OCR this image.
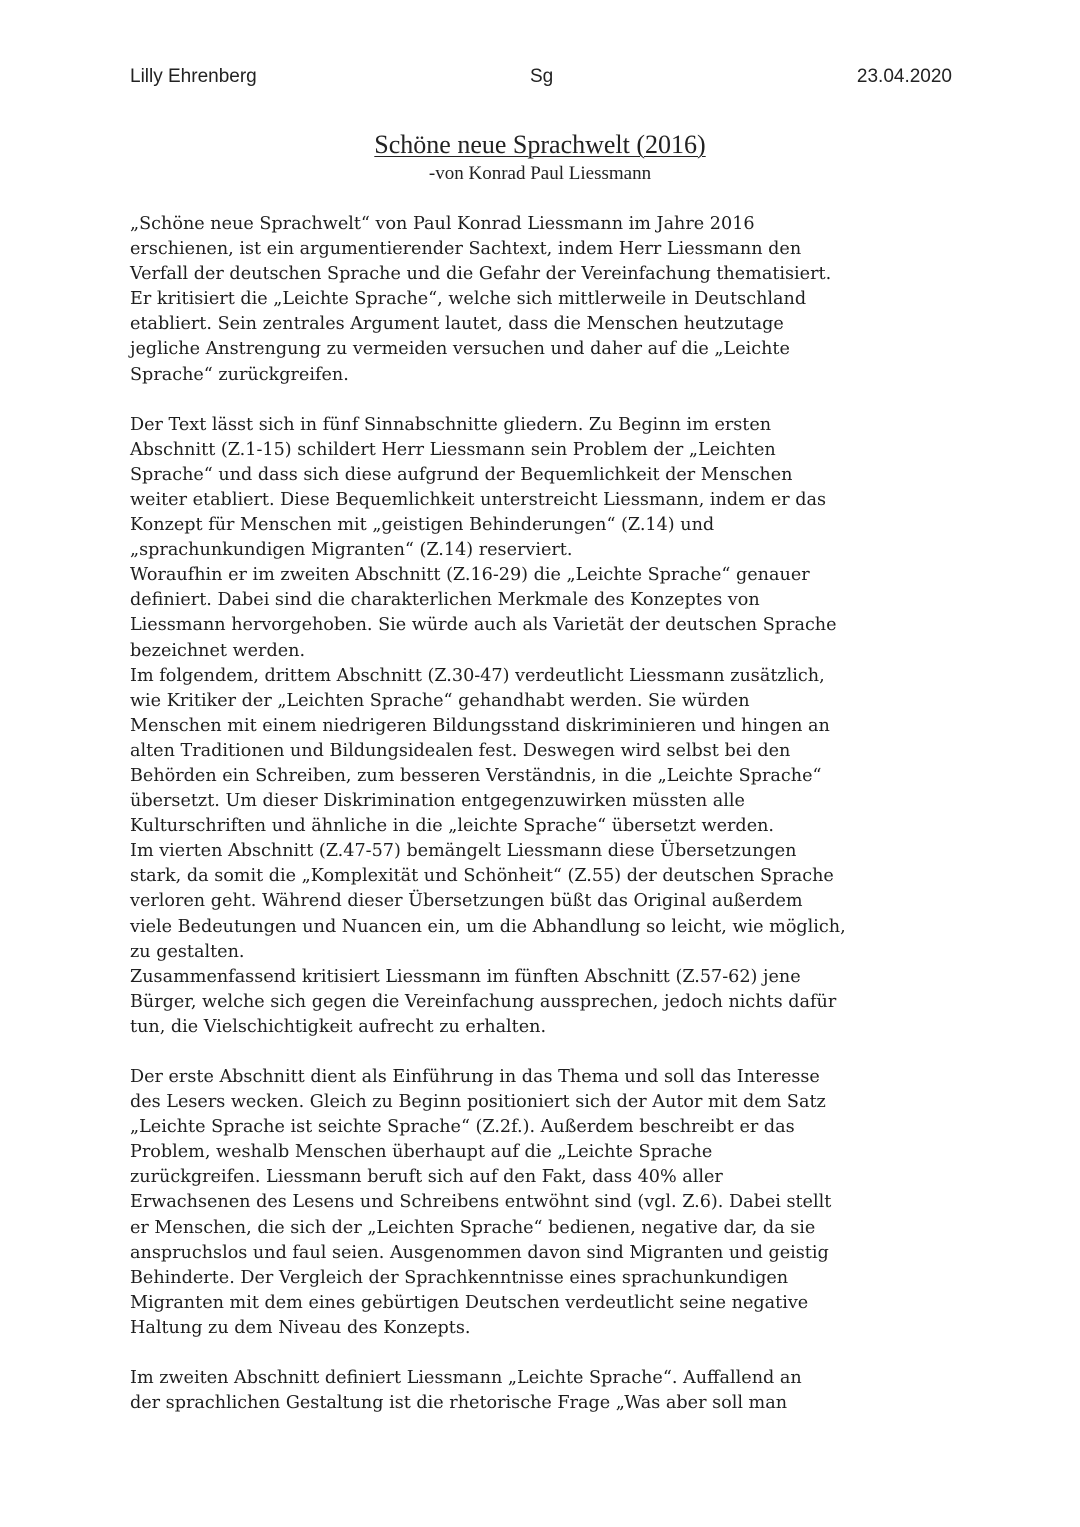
Lilly Ehrenberg	Sg	23.04.2020
Schöne neue Sprachwelt (2016)
-von Konrad Paul Liessmann
„Schöne neue Sprachwelt“ von Paul Konrad Liessmann im Jahre 2016
erschienen, ist ein argumentierender Sachtext, indem Herr Liessmann den
Verfall der deutschen Sprache und die Gefahr der Vereinfachung thematisiert.
Er kritisiert die „Leichte Sprache“, welche sich mittlerweile in Deutschland
etabliert. Sein zentrales Argument lautet, dass die Menschen heutzutage
jegliche Anstrengung zu vermeiden versuchen und daher auf die „Leichte
Sprache“ zurückgreifen.
Der Text lässt sich in fünf Sinnabschnitte gliedern. Zu Beginn im ersten
Abschnitt (Z.1-15) schildert Herr Liessmann sein Problem der „Leichten
Sprache“ und dass sich diese aufgrund der Bequemlichkeit der Menschen
weiter etabliert. Diese Bequemlichkeit unterstreicht Liessmann, indem er das
Konzept für Menschen mit „geistigen Behinderungen“ (Z.14) und
„sprachunkundigen Migranten“ (Z.14) reserviert.
Woraufhin er im zweiten Abschnitt (Z.16-29) die „Leichte Sprache“ genauer
definiert. Dabei sind die charakterlichen Merkmale des Konzeptes von
Liessmann hervorgehoben. Sie würde auch als Varietät der deutschen Sprache
bezeichnet werden.
Im folgendem, drittem Abschnitt (Z.30-47) verdeutlicht Liessmann zusätzlich,
wie Kritiker der „Leichten Sprache“ gehandhabt werden. Sie würden
Menschen mit einem niedrigeren Bildungsstand diskriminieren und hingen an
alten Traditionen und Bildungsidealen fest. Deswegen wird selbst bei den
Behörden ein Schreiben, zum besseren Verständnis, in die „Leichte Sprache“
übersetzt. Um dieser Diskrimination entgegenzuwirken müssten alle
Kulturschriften und ähnliche in die „leichte Sprache“ übersetzt werden.
Im vierten Abschnitt (Z.47-57) bemängelt Liessmann diese Übersetzungen
stark, da somit die „Komplexität und Schönheit“ (Z.55) der deutschen Sprache
verloren geht. Während dieser Übersetzungen büßt das Original außerdem
viele Bedeutungen und Nuancen ein, um die Abhandlung so leicht, wie möglich,
zu gestalten.
Zusammenfassend kritisiert Liessmann im fünften Abschnitt (Z.57-62) jene
Bürger, welche sich gegen die Vereinfachung aussprechen, jedoch nichts dafür
tun, die Vielschichtigkeit aufrecht zu erhalten.
Der erste Abschnitt dient als Einführung in das Thema und soll das Interesse
des Lesers wecken. Gleich zu Beginn positioniert sich der Autor mit dem Satz
„Leichte Sprache ist seichte Sprache“ (Z.2f.). Außerdem beschreibt er das
Problem, weshalb Menschen überhaupt auf die „Leichte Sprache
zurückgreifen. Liessmann beruft sich auf den Fakt, dass 40% aller
Erwachsenen des Lesens und Schreibens entwöhnt sind (vgl. Z.6). Dabei stellt
er Menschen, die sich der „Leichten Sprache“ bedienen, negative dar, da sie
anspruchslos und faul seien. Ausgenommen davon sind Migranten und geistig
Behinderte. Der Vergleich der Sprachkenntnisse eines sprachunkundigen
Migranten mit dem eines gebürtigen Deutschen verdeutlicht seine negative
Haltung zu dem Niveau des Konzepts.
Im zweiten Abschnitt definiert Liessmann „Leichte Sprache“. Auffallend an
der sprachlichen Gestaltung ist die rhetorische Frage „Was aber soll man
